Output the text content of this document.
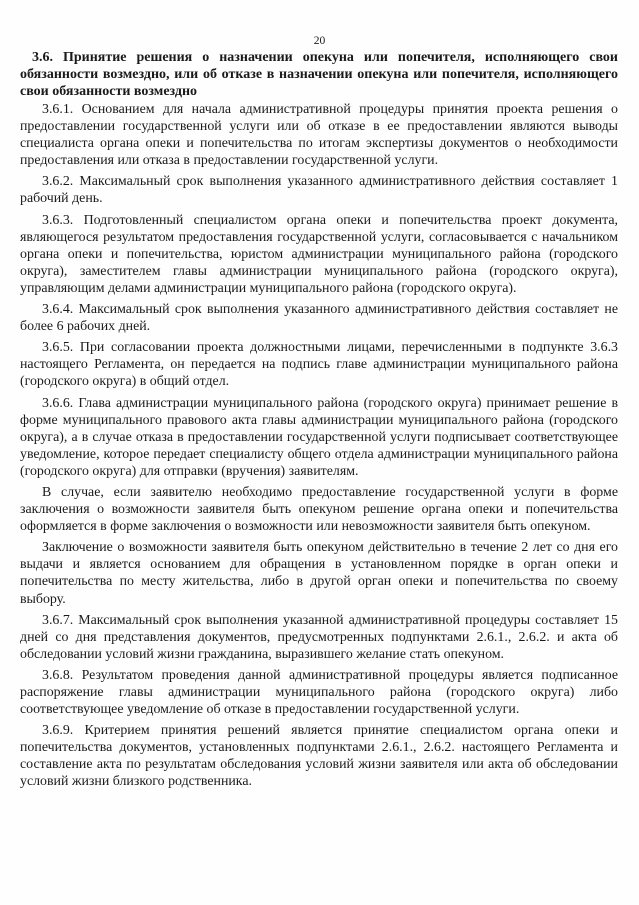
20

3.6. Принятие решения о назначении опекуна или попечителя, исполняющего свои обязанности возмездно, или об отказе в назначении опекуна или попечителя, исполняющего свои обязанности возмездно

3.6.1. Основанием для начала административной процедуры принятия проекта решения о предоставлении государственной услуги или об отказе в ее предоставлении являются выводы специалиста органа опеки и попечительства по итогам экспертизы документов о необходимости предоставления или отказа в предоставлении государственной услуги.

3.6.2. Максимальный срок выполнения указанного административного действия составляет 1 рабочий день.

3.6.3. Подготовленный специалистом органа опеки и попечительства проект документа, являющегося результатом предоставления государственной услуги, согласовывается с начальником органа опеки и попечительства, юристом администрации муниципального района (городского округа), заместителем главы администрации муниципального района (городского округа), управляющим делами администрации муниципального района (городского округа).

3.6.4. Максимальный срок выполнения указанного административного действия составляет не более 6 рабочих дней.

3.6.5. При согласовании проекта должностными лицами, перечисленными в подпункте 3.6.3 настоящего Регламента, он передается на подпись главе администрации муниципального района (городского округа) в общий отдел.

3.6.6. Глава администрации муниципального района (городского округа) принимает решение в форме муниципального правового акта главы администрации муниципального района (городского округа), а в случае отказа в предоставлении государственной услуги подписывает соответствующее уведомление, которое передает специалисту общего отдела администрации муниципального района (городского округа) для отправки (вручения) заявителям.

В случае, если заявителю необходимо предоставление государственной услуги в форме заключения о возможности заявителя быть опекуном решение органа опеки и попечительства оформляется в форме заключения о возможности или невозможности заявителя быть опекуном.

Заключение о возможности заявителя быть опекуном действительно в течение 2 лет со дня его выдачи и является основанием для обращения в установленном порядке в орган опеки и попечительства по месту жительства, либо в другой орган опеки и попечительства по своему выбору.

3.6.7. Максимальный срок выполнения указанной административной процедуры составляет 15 дней со дня представления документов, предусмотренных подпунктами 2.6.1., 2.6.2. и акта об обследовании условий жизни гражданина, выразившего желание стать опекуном.

3.6.8. Результатом проведения данной административной процедуры является подписанное распоряжение главы администрации муниципального района (городского округа) либо соответствующее уведомление об отказе в предоставлении государственной услуги.

3.6.9. Критерием принятия решений является принятие специалистом органа опеки и попечительства документов, установленных подпунктами 2.6.1., 2.6.2. настоящего Регламента и составление акта по результатам обследования условий жизни заявителя или акта об обследовании условий жизни близкого родственника.
